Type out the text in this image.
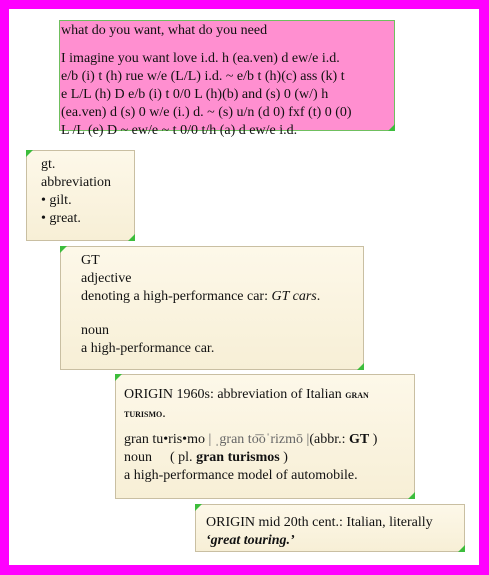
what do you want, what do you need
I imagine you want love i.d. h (ea.ven) d ew/e i.d.
e/b (i) t (h) rue w/e (L/L) i.d. ~ e/b t (h)(c) ass (k) t
e L/L (h) D e/b (i) t 0/0 L (h)(b) and (s) 0 (w/) h
(ea.ven) d (s) 0 w/e (i.) d. ~ (s) u/n (d 0) fxf (t) 0 (0)
L /L (e) D ~ ew/e ~ t 0/0 t/h (a) d ew/e i.d.
gt.
abbreviation
• gilt.
• great.
GT
adjective
denoting a high-performance car: GT cars.
noun
a high-performance car.
ORIGIN 1960s: abbreviation of Italian gran
turismo.
gran tu•ris•mo | ˌgran to͞oˈrizmō |(abbr.: GT )
noun ( pl. gran turismos )
a high-performance model of automobile.
ORIGIN mid 20th cent.: Italian, literally
‘great touring.’
